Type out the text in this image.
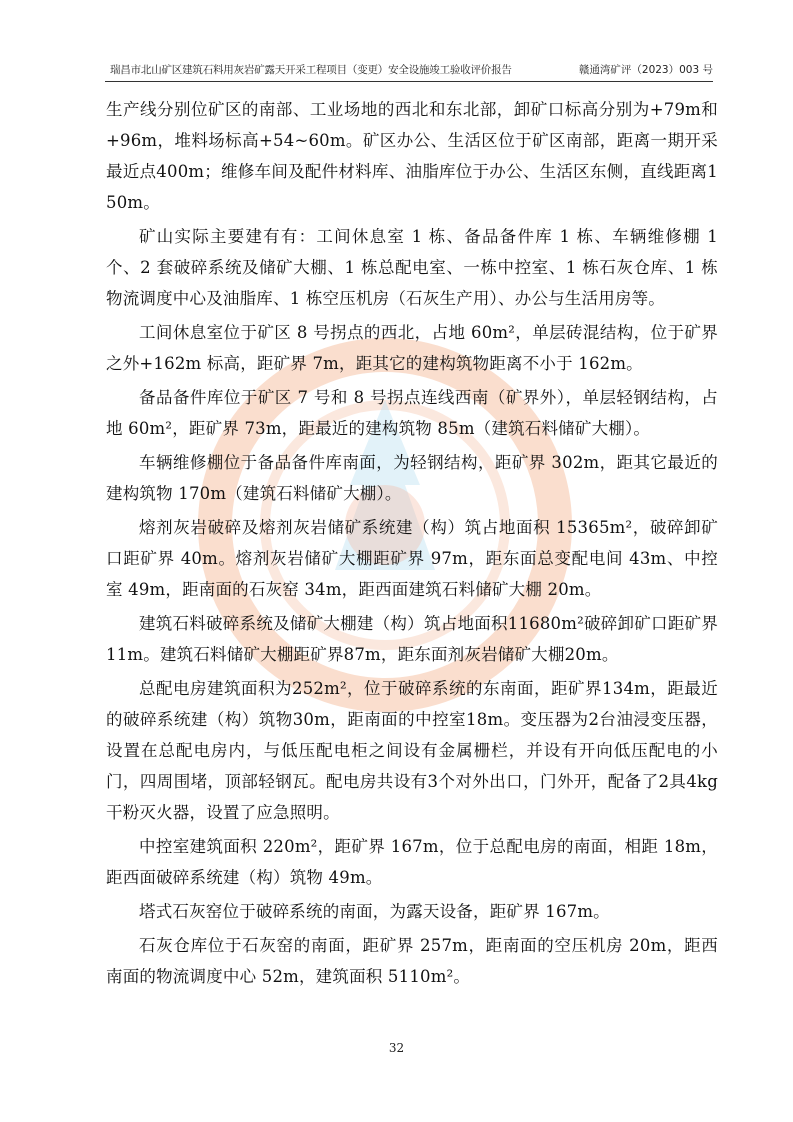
瑞昌市北山矿区建筑石料用灰岩矿露天开采工程项目（变更）安全设施竣工验收评价报告	赣通湾矿评（2023）003 号

生产线分别位矿区的南部、工业场地的西北和东北部，卸矿口标高分别为+79m和+96m，堆料场标高+54~60m。矿区办公、生活区位于矿区南部，距离一期开采最近点400m；维修车间及配件材料库、油脂库位于办公、生活区东侧，直线距离150m。

矿山实际主要建有有：工间休息室 1 栋、备品备件库 1 栋、车辆维修棚 1 个、2 套破碎系统及储矿大棚、1 栋总配电室、一栋中控室、1 栋石灰仓库、1 栋物流调度中心及油脂库、1 栋空压机房（石灰生产用）、办公与生活用房等。

工间休息室位于矿区 8 号拐点的西北，占地 60m²，单层砖混结构，位于矿界之外+162m 标高，距矿界 7m，距其它的建构筑物距离不小于 162m。

备品备件库位于矿区 7 号和 8 号拐点连线西南（矿界外），单层轻钢结构，占地 60m²，距矿界 73m，距最近的建构筑物 85m（建筑石料储矿大棚）。

车辆维修棚位于备品备件库南面，为轻钢结构，距矿界 302m，距其它最近的建构筑物 170m（建筑石料储矿大棚）。

熔剂灰岩破碎及熔剂灰岩储矿系统建（构）筑占地面积 15365m²，破碎卸矿口距矿界 40m。熔剂灰岩储矿大棚距矿界 97m，距东面总变配电间 43m、中控室 49m，距南面的石灰窑 34m，距西面建筑石料储矿大棚 20m。

建筑石料破碎系统及储矿大棚建（构）筑占地面积11680m²破碎卸矿口距矿界11m。建筑石料储矿大棚距矿界87m，距东面剂灰岩储矿大棚20m。

总配电房建筑面积为252m²，位于破碎系统的东南面，距矿界134m，距最近的破碎系统建（构）筑物30m，距南面的中控室18m。变压器为2台油浸变压器，设置在总配电房内，与低压配电柜之间设有金属栅栏，并设有开向低压配电的小门，四周围堵，顶部轻钢瓦。配电房共设有3个对外出口，门外开，配备了2具4kg干粉灭火器，设置了应急照明。

中控室建筑面积 220m²，距矿界 167m，位于总配电房的南面，相距 18m，距西面破碎系统建（构）筑物 49m。

塔式石灰窑位于破碎系统的南面，为露天设备，距矿界 167m。

石灰仓库位于石灰窑的南面，距矿界 257m，距南面的空压机房 20m，距西南面的物流调度中心 52m，建筑面积 5110m²。

32
